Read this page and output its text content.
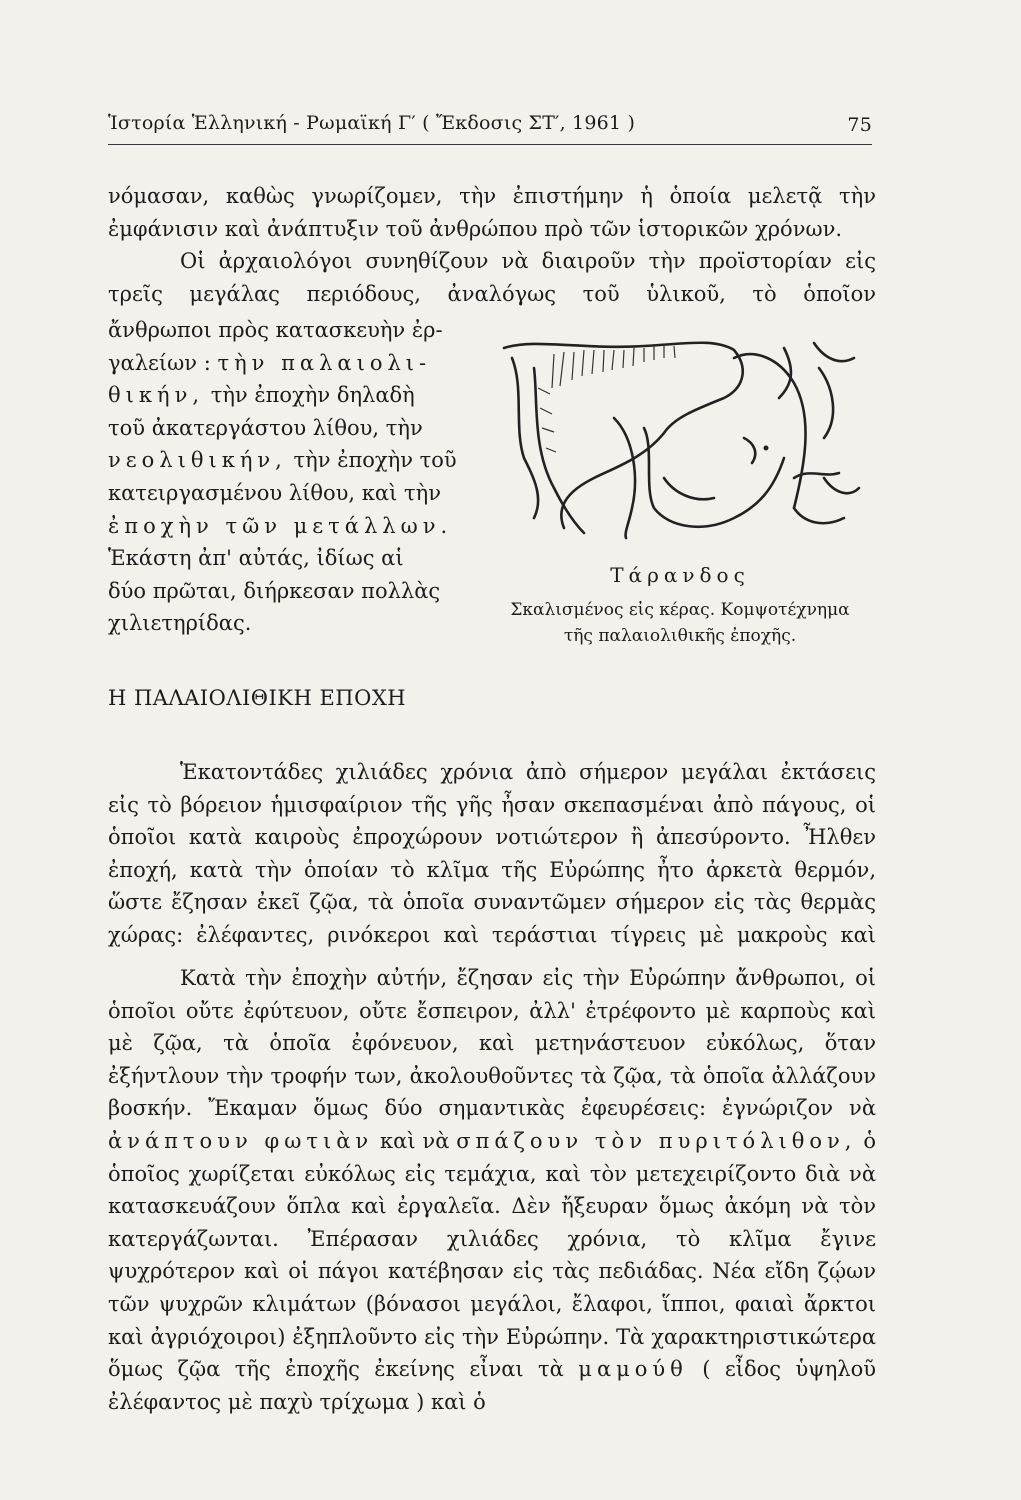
Ἱστορία Ἑλληνική - Ρωμαϊκή Γ′ ( Ἔκδοσις ΣΤ′, 1961 )	75

νόμασαν, καθὼς γνωρίζομεν, τὴν ἐπιστήμην ἡ ὁποία μελετᾷ τὴν ἐμφάνισιν καὶ ἀνάπτυξιν τοῦ ἀνθρώπου πρὸ τῶν ἱστορικῶν χρόνων.

Οἱ ἀρχαιολόγοι συνηθίζουν νὰ διαιροῦν τὴν προϊστορίαν εἰς τρεῖς μεγάλας περιόδους, ἀναλόγως τοῦ ὑλικοῦ, τὸ ὁποῖον

ἄνθρωποι πρὸς κατασκευὴν ἐρ-
γαλείων : τὴν παλαιολι-
θικήν, τὴν ἐποχὴν δηλαδὴ
τοῦ ἀκατεργάστου λίθου, τὴν
νεολιθικήν, τὴν ἐποχὴν τοῦ
κατειργασμένου λίθου, καὶ τὴν
ἐποχὴν τῶν μετάλλων.
Ἑκάστη ἀπ' αὐτάς, ἰδίως αἱ
δύο πρῶται, διήρκεσαν πολλὰς
χιλιετηρίδας.

Τάρανδος

Σκαλισμένος εἰς κέρας. Κομψοτέχνημα
τῆς παλαιολιθικῆς ἐποχῆς.

Η ΠΑΛΑΙΟΛΙΘΙΚΗ ΕΠΟΧΗ

Ἑκατοντάδες χιλιάδες χρόνια ἀπὸ σήμερον μεγάλαι ἐκτάσεις εἰς τὸ βόρειον ἡμισφαίριον τῆς γῆς ἦσαν σκεπασμέναι ἀπὸ πάγους, οἱ ὁποῖοι κατὰ καιροὺς ἐπροχώρουν νοτιώτερον ἢ ἀπεσύροντο. Ἦλθεν ἐποχή, κατὰ τὴν ὁποίαν τὸ κλῖμα τῆς Εὐρώπης ἦτο ἀρκετὰ θερμόν, ὥστε ἔζησαν ἐκεῖ ζῷα, τὰ ὁποῖα συναντῶμεν σήμερον εἰς τὰς θερμὰς χώρας: ἐλέφαντες, ρινόκεροι καὶ τεράστιαι τίγρεις μὲ μακροὺς καὶ

Κατὰ τὴν ἐποχὴν αὐτήν, ἔζησαν εἰς τὴν Εὐρώπην ἄνθρωποι, οἱ ὁποῖοι οὔτε ἐφύτευον, οὔτε ἔσπειρον, ἀλλ' ἐτρέφοντο μὲ καρποὺς καὶ μὲ ζῷα, τὰ ὁποῖα ἐφόνευον, καὶ μετηνάστευον εὐκόλως, ὅταν ἐξήντλουν τὴν τροφήν των, ἀκολουθοῦντες τὰ ζῷα, τὰ ὁποῖα ἀλλάζουν βοσκήν. Ἔκαμαν ὅμως δύο σημαντικὰς ἐφευρέσεις: ἐγνώριζον νὰ ἀνάπτουν φωτιὰν καὶ νὰ σπάζουν τὸν πυριτόλιθον, ὁ ὁποῖος χωρίζεται εὐκόλως εἰς τεμάχια, καὶ τὸν μετεχειρίζοντο διὰ νὰ κατασκευάζουν ὅπλα καὶ ἐργαλεῖα. Δὲν ἤξευραν ὅμως ἀκόμη νὰ τὸν κατεργάζωνται. Ἐπέρασαν χιλιάδες χρόνια, τὸ κλῖμα ἔγινε ψυχρότερον καὶ οἱ πάγοι κατέβησαν εἰς τὰς πεδιάδας. Νέα εἴδη ζῴων τῶν ψυχρῶν κλιμάτων (βόνασοι μεγάλοι, ἔλαφοι, ἵπποι, φαιαὶ ἄρκτοι καὶ ἀγριόχοιροι) ἐξηπλοῦντο εἰς τὴν Εὐρώπην. Τὰ χαρακτηριστικώτερα ὅμως ζῷα τῆς ἐποχῆς ἐκείνης εἶναι τὰ μαμούθ ( εἶδος ὑψηλοῦ ἐλέφαντος μὲ παχὺ τρίχωμα ) καὶ ὁ
